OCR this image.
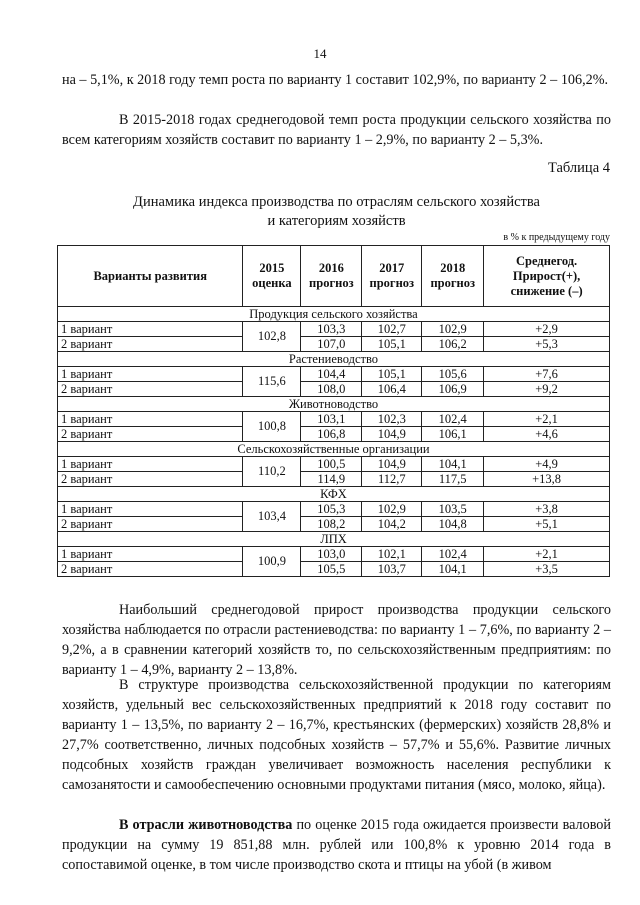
14

на – 5,1%, к 2018 году темп роста по варианту 1 составит 102,9%, по варианту 2 – 106,2%.

В 2015-2018 годах среднегодовой темп роста продукции сельского хозяйства по всем категориям хозяйств составит по варианту 1 – 2,9%, по варианту 2 – 5,3%.

Таблица 4
Динамика индекса производства по отраслям сельского хозяйства
и категориям хозяйств
в % к предыдущему году
Варианты развития	2015 оценка	2016 прогноз	2017 прогноз	2018 прогноз	Среднегод. Прирост(+), снижение (–)
Продукция сельского хозяйства					
1 вариант	102,8	103,3	102,7	102,9	+2,9
2 вариант		107,0	105,1	106,2	+5,3
Растениеводство					
1 вариант	115,6	104,4	105,1	105,6	+7,6
2 вариант		108,0	106,4	106,9	+9,2
Животноводство					
1 вариант	100,8	103,1	102,3	102,4	+2,1
2 вариант		106,8	104,9	106,1	+4,6
Сельскохозяйственные организации					
1 вариант	110,2	100,5	104,9	104,1	+4,9
2 вариант		114,9	112,7	117,5	+13,8
КФХ					
1 вариант	103,4	105,3	102,9	103,5	+3,8
2 вариант		108,2	104,2	104,8	+5,1
ЛПХ					
1 вариант	100,9	103,0	102,1	102,4	+2,1
2 вариант		105,5	103,7	104,1	+3,5

Наибольший среднегодовой прирост производства продукции сельского хозяйства наблюдается по отрасли растениеводства: по варианту 1 – 7,6%, по варианту 2 – 9,2%, а в сравнении категорий хозяйств то, по сельскохозяйственным предприятиям: по варианту 1 – 4,9%, варианту 2 – 13,8%.

В структуре производства сельскохозяйственной продукции по категориям хозяйств, удельный вес сельскохозяйственных предприятий к 2018 году составит по варианту 1 – 13,5%, по варианту 2 – 16,7%, крестьянских (фермерских) хозяйств 28,8% и 27,7% соответственно, личных подсобных хозяйств – 57,7% и 55,6%. Развитие личных подсобных хозяйств граждан увеличивает возможность населения республики к самозанятости и самообеспечению основными продуктами питания (мясо, молоко, яйца).

В отрасли животноводства по оценке 2015 года ожидается произвести валовой продукции на сумму 19 851,88 млн. рублей или 100,8% к уровню 2014 года в сопоставимой оценке, в том числе производство скота и птицы на убой (в живом
